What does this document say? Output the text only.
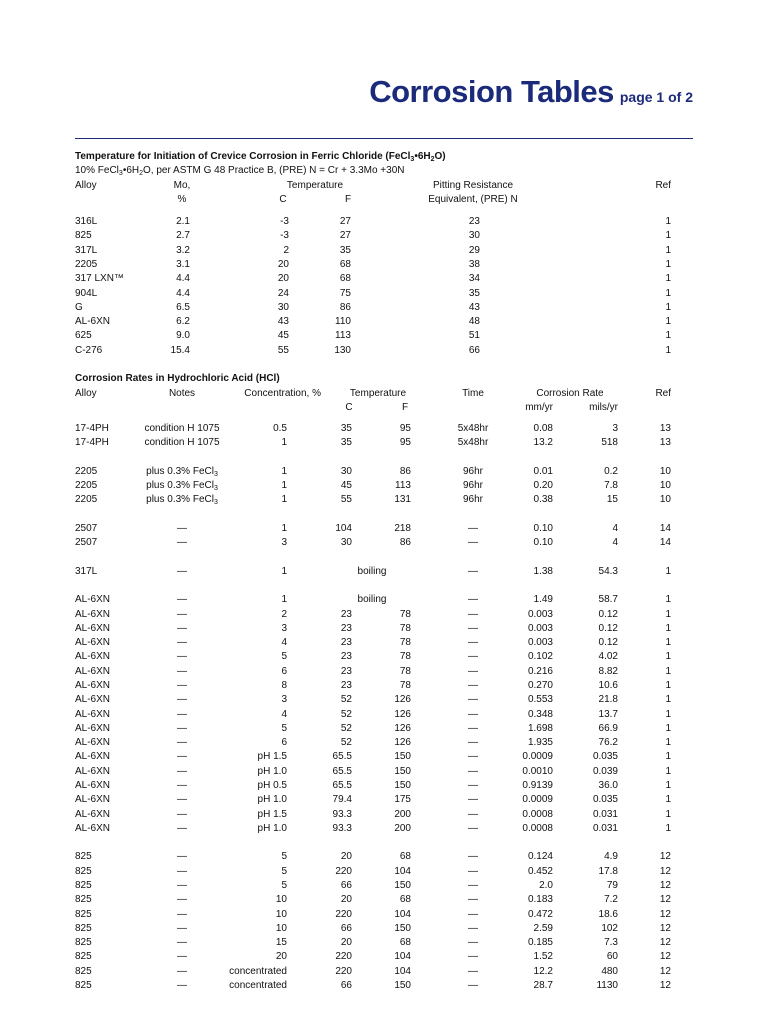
Corrosion Tables page 1 of 2
Temperature for Initiation of Crevice Corrosion in Ferric Chloride $(FeCl_3•6H_2O)$
10% $FeCl_3•6H_2O$, per ASTM G 48 Practice B, (PRE) N = Cr + 3.3Mo +30N
Alloy	Mo,
%
Temperature
C	F
Pitting Resistance
Equivalent, (PRE) N
Ref
316L	2.1	-3	27	23	1
825	2.7	-3	27	30	1
317L	3.2	2	35	29	1
2205	3.1	20	68	38	1
317 LXN™	4.4	20	68	34	1
904L	4.4	24	75	35	1
G	6.5	30	86	43	1
AL-6XN	6.2	43	110	48	1
625	9.0	45	113	51	1
C-276	15.4	55	130	66	1
Corrosion Rates in Hydrochloric Acid (HCl)
Alloy	Notes	Concentration, %	Temperature
C	F
Time	Corrosion Rate
mm/yr	mils/yr
Ref
17-4PH	condition H 1075	0.5	35	95	5x48hr	0.08	3	13
17-4PH	condition H 1075	1	35	95	5x48hr	13.2	518	13
2205	plus 0.3% FeCl$_3$	1	30	86	96hr	0.01	0.2	10
2205	plus 0.3% FeCl$_3$	1	45	113	96hr	0.20	7.8	10
2205	plus 0.3% FeCl$_3$	1	55	131	96hr	0.38	15	10
2507	—	1	104	218	—	0.10	4	14
2507	—	3	30	86	—	0.10	4	14
317L	—	1	boiling	—	1.38	54.3	1
AL-6XN	—	1	boiling	—	1.49	58.7	1
AL-6XN	—	2	23	78	—	0.003	0.12	1
AL-6XN	—	3	23	78	—	0.003	0.12	1
AL-6XN	—	4	23	78	—	0.003	0.12	1
AL-6XN	—	5	23	78	—	0.102	4.02	1
AL-6XN	—	6	23	78	—	0.216	8.82	1
AL-6XN	—	8	23	78	—	0.270	10.6	1
AL-6XN	—	3	52	126	—	0.553	21.8	1
AL-6XN	—	4	52	126	—	0.348	13.7	1
AL-6XN	—	5	52	126	—	1.698	66.9	1
AL-6XN	—	6	52	126	—	1.935	76.2	1
AL-6XN	—	pH 1.5	65.5	150	—	0.0009	0.035	1
AL-6XN	—	pH 1.0	65.5	150	—	0.0010	0.039	1
AL-6XN	—	pH 0.5	65.5	150	—	0.9139	36.0	1
AL-6XN	—	pH 1.0	79.4	175	—	0.0009	0.035	1
AL-6XN	—	pH 1.5	93.3	200	—	0.0008	0.031	1
AL-6XN	—	pH 1.0	93.3	200	—	0.0008	0.031	1
825	—	5	20	68	—	0.124	4.9	12
825	—	5	220	104	—	0.452	17.8	12
825	—	5	66	150	—	2.0	79	12
825	—	10	20	68	—	0.183	7.2	12
825	—	10	220	104	—	0.472	18.6	12
825	—	10	66	150	—	2.59	102	12
825	—	15	20	68	—	0.185	7.3	12
825	—	20	220	104	—	1.52	60	12
825	—	concentrated	220	104	—	12.2	480	12
825	—	concentrated	66	150	—	28.7	1130	12
